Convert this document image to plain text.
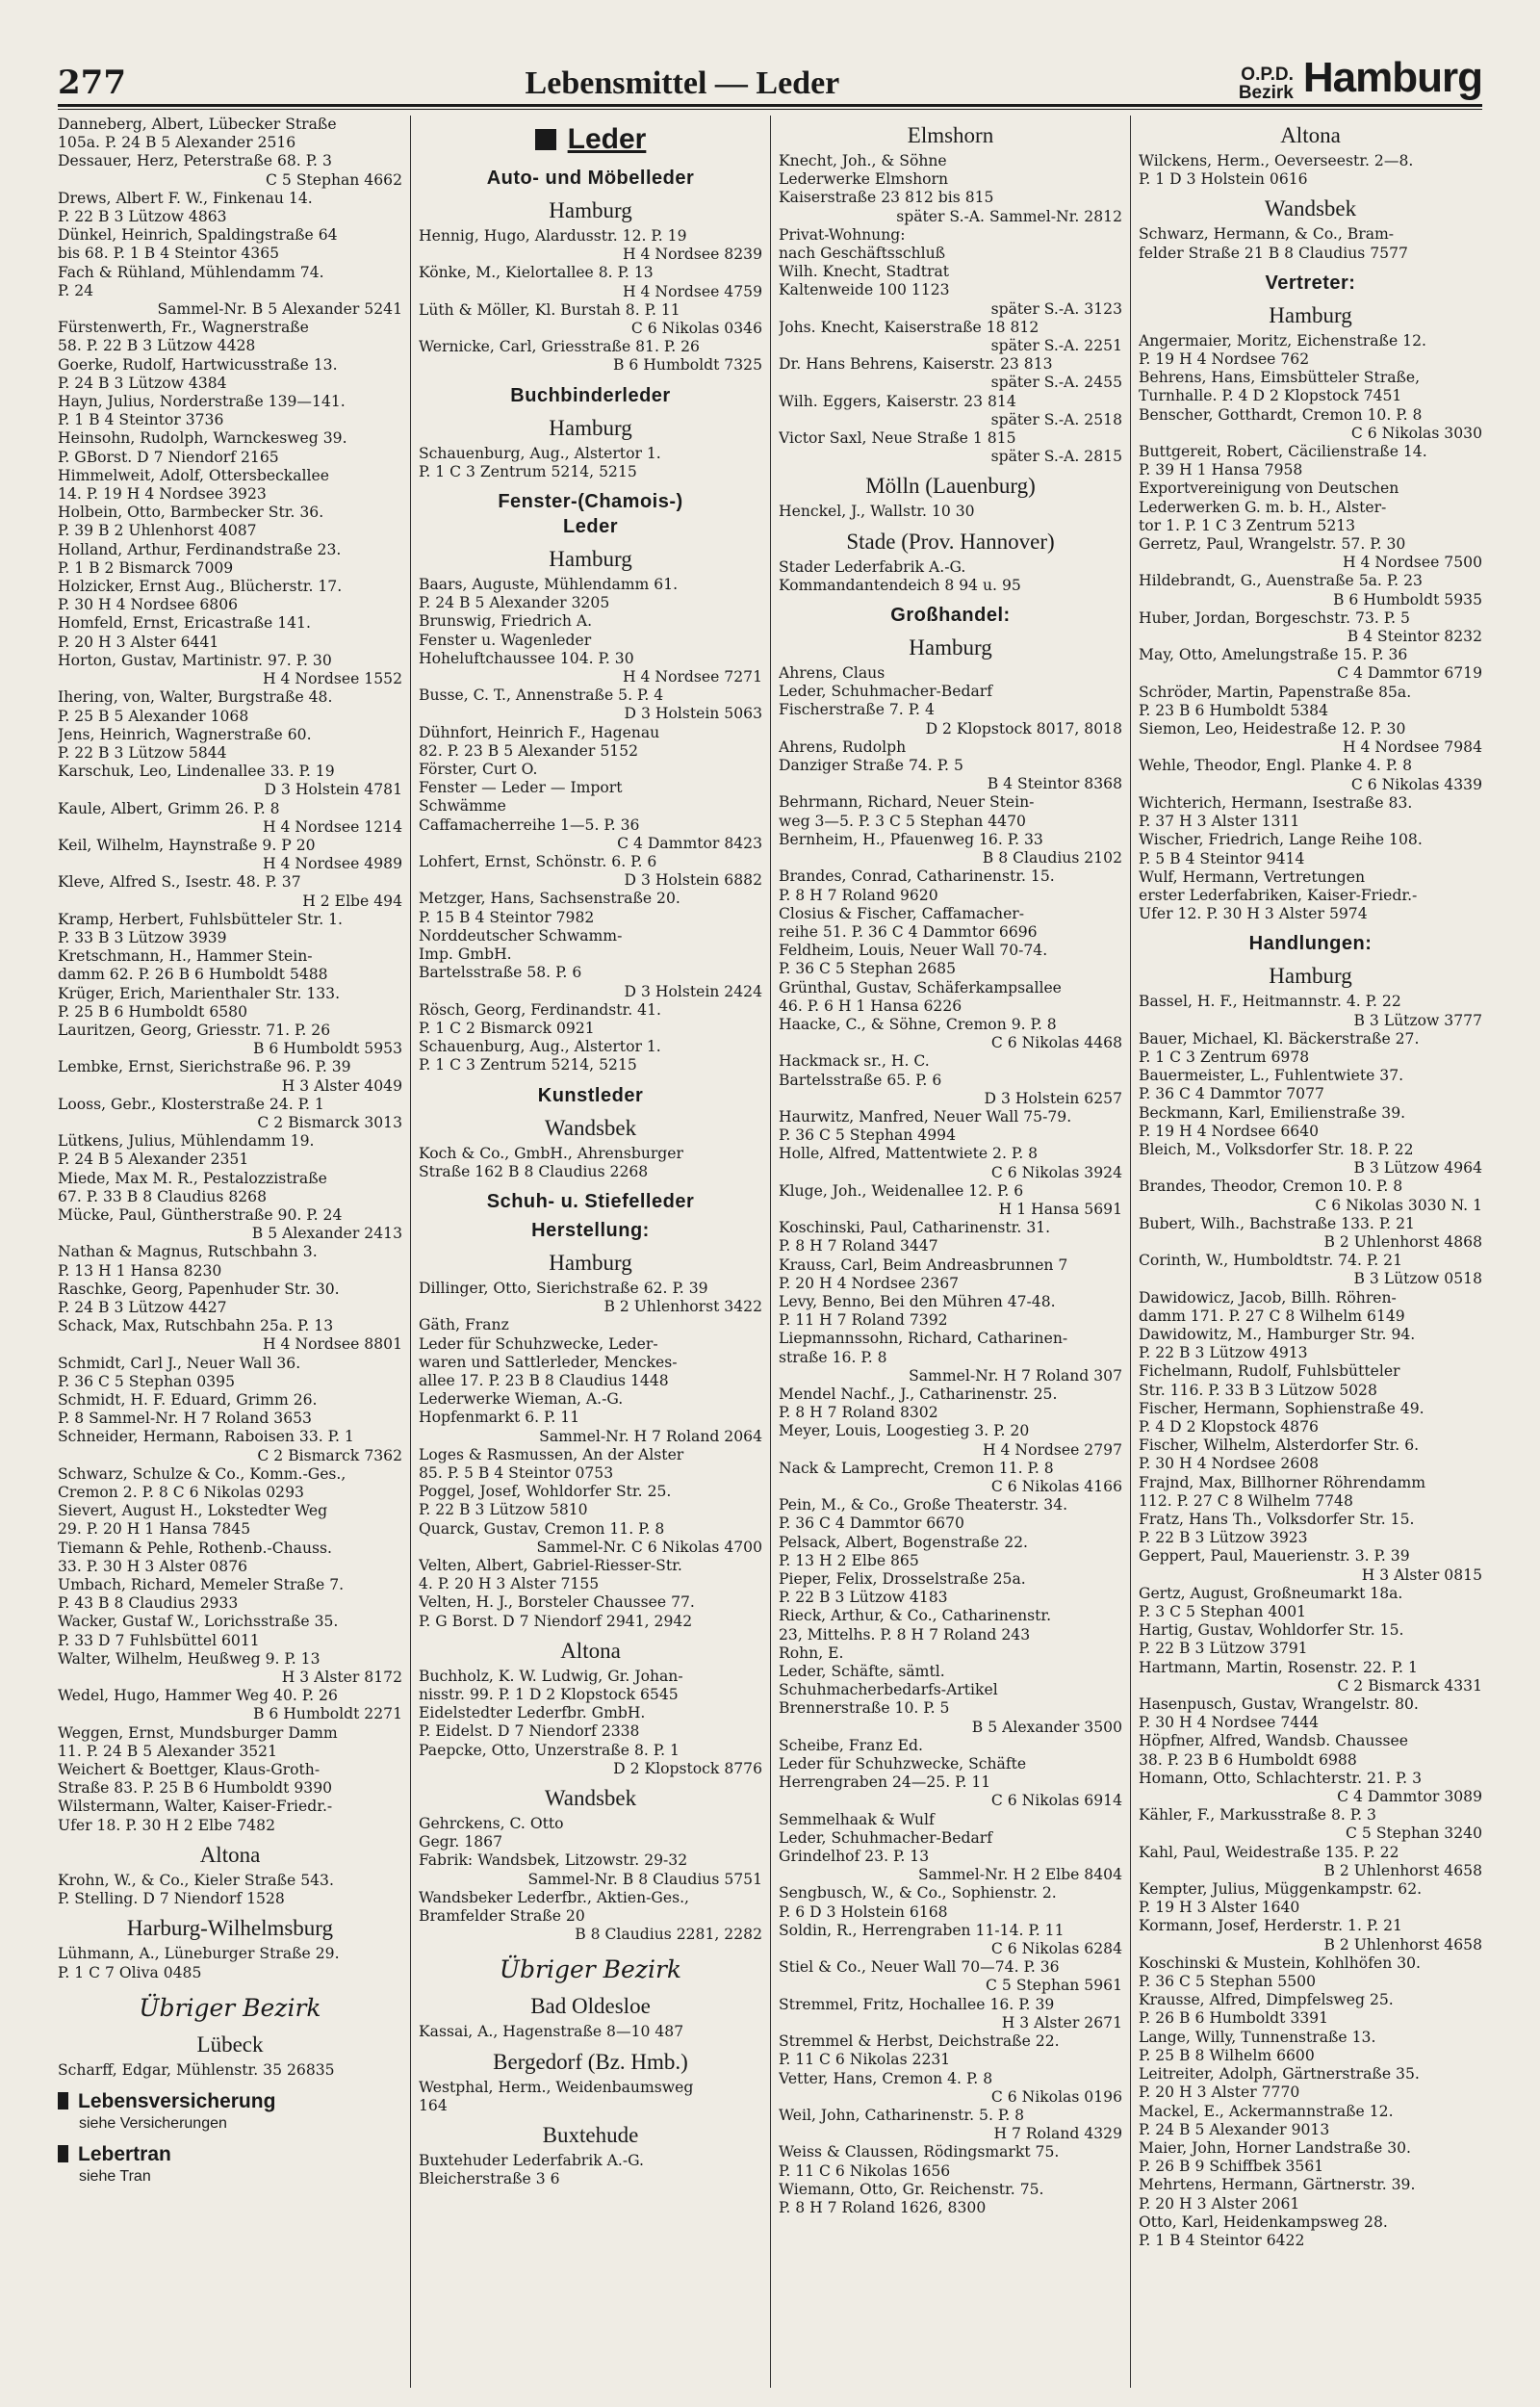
277	Lebensmittel — Leder	O.P.D.
Bezirk Hamburg

Danneberg, Albert, Lübecker Straße

105a. P. 24 B 5 Alexander 2516

Dessauer, Herz, Peterstraße 68. P. 3

C 5 Stephan 4662

Drews, Albert F. W., Finkenau 14.

P. 22 B 3 Lützow 4863

Dünkel, Heinrich, Spaldingstraße 64

bis 68. P. 1 B 4 Steintor 4365

Fach & Rühland, Mühlendamm 74.

P. 24

Sammel-Nr. B 5 Alexander 5241

Fürstenwerth, Fr., Wagnerstraße

58. P. 22 B 3 Lützow 4428

Goerke, Rudolf, Hartwicusstraße 13.

P. 24 B 3 Lützow 4384

Hayn, Julius, Norderstraße 139—141.

P. 1 B 4 Steintor 3736

Heinsohn, Rudolph, Warnckesweg 39.

P. GBorst. D 7 Niendorf 2165

Himmelweit, Adolf, Ottersbeckallee

14. P. 19 H 4 Nordsee 3923

Holbein, Otto, Barmbecker Str. 36.

P. 39 B 2 Uhlenhorst 4087

Holland, Arthur, Ferdinandstraße 23.

P. 1 B 2 Bismarck 7009

Holzicker, Ernst Aug., Blücherstr. 17.

P. 30 H 4 Nordsee 6806

Homfeld, Ernst, Ericastraße 141.

P. 20 H 3 Alster 6441

Horton, Gustav, Martinistr. 97. P. 30

H 4 Nordsee 1552

Ihering, von, Walter, Burgstraße 48.

P. 25 B 5 Alexander 1068

Jens, Heinrich, Wagnerstraße 60.

P. 22 B 3 Lützow 5844

Karschuk, Leo, Lindenallee 33. P. 19

D 3 Holstein 4781

Kaule, Albert, Grimm 26. P. 8

H 4 Nordsee 1214

Keil, Wilhelm, Haynstraße 9. P 20

H 4 Nordsee 4989

Kleve, Alfred S., Isestr. 48. P. 37

H 2 Elbe 494

Kramp, Herbert, Fuhlsbütteler Str. 1.

P. 33 B 3 Lützow 3939

Kretschmann, H., Hammer Stein-

damm 62. P. 26 B 6 Humboldt 5488

Krüger, Erich, Marienthaler Str. 133.

P. 25 B 6 Humboldt 6580

Lauritzen, Georg, Griesstr. 71. P. 26

B 6 Humboldt 5953

Lembke, Ernst, Sierichstraße 96. P. 39

H 3 Alster 4049

Looss, Gebr., Klosterstraße 24. P. 1

C 2 Bismarck 3013

Lütkens, Julius, Mühlendamm 19.

P. 24 B 5 Alexander 2351

Miede, Max M. R., Pestalozzistraße

67. P. 33 B 8 Claudius 8268

Mücke, Paul, Güntherstraße 90. P. 24

B 5 Alexander 2413

Nathan & Magnus, Rutschbahn 3.

P. 13 H 1 Hansa 8230

Raschke, Georg, Papenhuder Str. 30.

P. 24 B 3 Lützow 4427

Schack, Max, Rutschbahn 25a. P. 13

H 4 Nordsee 8801

Schmidt, Carl J., Neuer Wall 36.

P. 36 C 5 Stephan 0395

Schmidt, H. F. Eduard, Grimm 26.

P. 8 Sammel-Nr. H 7 Roland 3653

Schneider, Hermann, Raboisen 33. P. 1

C 2 Bismarck 7362

Schwarz, Schulze & Co., Komm.-Ges.,

Cremon 2. P. 8 C 6 Nikolas 0293

Sievert, August H., Lokstedter Weg

29. P. 20 H 1 Hansa 7845

Tiemann & Pehle, Rothenb.-Chauss.

33. P. 30 H 3 Alster 0876

Umbach, Richard, Memeler Straße 7.

P. 43 B 8 Claudius 2933

Wacker, Gustaf W., Lorichsstraße 35.

P. 33 D 7 Fuhlsbüttel 6011

Walter, Wilhelm, Heußweg 9. P. 13

H 3 Alster 8172

Wedel, Hugo, Hammer Weg 40. P. 26

B 6 Humboldt 2271

Weggen, Ernst, Mundsburger Damm

11. P. 24 B 5 Alexander 3521

Weichert & Boettger, Klaus-Groth-

Straße 83. P. 25 B 6 Humboldt 9390

Wilstermann, Walter, Kaiser-Friedr.-

Ufer 18. P. 30 H 2 Elbe 7482

Altona

Krohn, W., & Co., Kieler Straße 543.

P. Stelling. D 7 Niendorf 1528

Harburg-Wilhelmsburg

Lühmann, A., Lüneburger Straße 29.

P. 1 C 7 Oliva 0485

Übriger Bezirk
Lübeck

Scharff, Edgar, Mühlenstr. 35 26835

Lebensversicherung
siehe Versicherungen
Lebertran
siehe Tran
Leder
Auto- und Möbelleder
Hamburg

Hennig, Hugo, Alardusstr. 12. P. 19

H 4 Nordsee 8239

Könke, M., Kielortallee 8. P. 13

H 4 Nordsee 4759

Lüth & Möller, Kl. Burstah 8. P. 11

C 6 Nikolas 0346

Wernicke, Carl, Griesstraße 81. P. 26

B 6 Humboldt 7325

Buchbinderleder
Hamburg

Schauenburg, Aug., Alstertor 1.

P. 1 C 3 Zentrum 5214, 5215

Fenster-(Chamois-)
Leder
Hamburg

Baars, Auguste, Mühlendamm 61.

P. 24 B 5 Alexander 3205

Brunswig, Friedrich A.

Fenster u. Wagenleder

Hoheluftchaussee 104. P. 30

H 4 Nordsee 7271

Busse, C. T., Annenstraße 5. P. 4

D 3 Holstein 5063

Dühnfort, Heinrich F., Hagenau

82. P. 23 B 5 Alexander 5152

Förster, Curt O.

Fenster — Leder — Import

Schwämme

Caffamacherreihe 1—5. P. 36

C 4 Dammtor 8423

Lohfert, Ernst, Schönstr. 6. P. 6

D 3 Holstein 6882

Metzger, Hans, Sachsenstraße 20.

P. 15 B 4 Steintor 7982

Norddeutscher Schwamm-

Imp. GmbH.

Bartelsstraße 58. P. 6

D 3 Holstein 2424

Rösch, Georg, Ferdinandstr. 41.

P. 1 C 2 Bismarck 0921

Schauenburg, Aug., Alstertor 1.

P. 1 C 3 Zentrum 5214, 5215

Kunstleder
Wandsbek

Koch & Co., GmbH., Ahrensburger

Straße 162 B 8 Claudius 2268

Schuh- u. Stiefelleder
Herstellung:
Hamburg

Dillinger, Otto, Sierichstraße 62. P. 39

B 2 Uhlenhorst 3422

Gäth, Franz

Leder für Schuhzwecke, Leder-

waren und Sattlerleder, Menckes-

allee 17. P. 23 B 8 Claudius 1448

Lederwerke Wieman, A.-G.

Hopfenmarkt 6. P. 11

Sammel-Nr. H 7 Roland 2064

Loges & Rasmussen, An der Alster

85. P. 5 B 4 Steintor 0753

Poggel, Josef, Wohldorfer Str. 25.

P. 22 B 3 Lützow 5810

Quarck, Gustav, Cremon 11. P. 8

Sammel-Nr. C 6 Nikolas 4700

Velten, Albert, Gabriel-Riesser-Str.

4. P. 20 H 3 Alster 7155

Velten, H. J., Borsteler Chaussee 77.

P. G Borst. D 7 Niendorf 2941, 2942

Altona

Buchholz, K. W. Ludwig, Gr. Johan-

nisstr. 99. P. 1 D 2 Klopstock 6545

Eidelstedter Lederfbr. GmbH.

P. Eidelst. D 7 Niendorf 2338

Paepcke, Otto, Unzerstraße 8. P. 1

D 2 Klopstock 8776

Wandsbek

Gehrckens, C. Otto

Gegr. 1867

Fabrik: Wandsbek, Litzowstr. 29-32

Sammel-Nr. B 8 Claudius 5751

Wandsbeker Lederfbr., Aktien-Ges.,

Bramfelder Straße 20

B 8 Claudius 2281, 2282

Übriger Bezirk
Bad Oldesloe

Kassai, A., Hagenstraße 8—10 487

Bergedorf (Bz. Hmb.)

Westphal, Herm., Weidenbaumsweg

164

Buxtehude

Buxtehuder Lederfabrik A.-G.

Bleicherstraße 3 6

Elmshorn

Knecht, Joh., & Söhne

Lederwerke Elmshorn

Kaiserstraße 23 812 bis 815

später S.-A. Sammel-Nr. 2812

Privat-Wohnung:

nach Geschäftsschluß

Wilh. Knecht, Stadtrat

Kaltenweide 100 1123

später S.-A. 3123

Johs. Knecht, Kaiserstraße 18 812

später S.-A. 2251

Dr. Hans Behrens, Kaiserstr. 23 813

später S.-A. 2455

Wilh. Eggers, Kaiserstr. 23 814

später S.-A. 2518

Victor Saxl, Neue Straße 1 815

später S.-A. 2815

Mölln (Lauenburg)

Henckel, J., Wallstr. 10 30

Stade (Prov. Hannover)

Stader Lederfabrik A.-G.

Kommandantendeich 8 94 u. 95

Großhandel:
Hamburg

Ahrens, Claus

Leder, Schuhmacher-Bedarf

Fischerstraße 7. P. 4

D 2 Klopstock 8017, 8018

Ahrens, Rudolph

Danziger Straße 74. P. 5

B 4 Steintor 8368

Behrmann, Richard, Neuer Stein-

weg 3—5. P. 3 C 5 Stephan 4470

Bernheim, H., Pfauenweg 16. P. 33

B 8 Claudius 2102

Brandes, Conrad, Catharinenstr. 15.

P. 8 H 7 Roland 9620

Closius & Fischer, Caffamacher-

reihe 51. P. 36 C 4 Dammtor 6696

Feldheim, Louis, Neuer Wall 70-74.

P. 36 C 5 Stephan 2685

Grünthal, Gustav, Schäferkampsallee

46. P. 6 H 1 Hansa 6226

Haacke, C., & Söhne, Cremon 9. P. 8

C 6 Nikolas 4468

Hackmack sr., H. C.

Bartelsstraße 65. P. 6

D 3 Holstein 6257

Haurwitz, Manfred, Neuer Wall 75-79.

P. 36 C 5 Stephan 4994

Holle, Alfred, Mattentwiete 2. P. 8

C 6 Nikolas 3924

Kluge, Joh., Weidenallee 12. P. 6

H 1 Hansa 5691

Koschinski, Paul, Catharinenstr. 31.

P. 8 H 7 Roland 3447

Krauss, Carl, Beim Andreasbrunnen 7

P. 20 H 4 Nordsee 2367

Levy, Benno, Bei den Mühren 47-48.

P. 11 H 7 Roland 7392

Liepmannssohn, Richard, Catharinen-

straße 16. P. 8

Sammel-Nr. H 7 Roland 307

Mendel Nachf., J., Catharinenstr. 25.

P. 8 H 7 Roland 8302

Meyer, Louis, Loogestieg 3. P. 20

H 4 Nordsee 2797

Nack & Lamprecht, Cremon 11. P. 8

C 6 Nikolas 4166

Pein, M., & Co., Große Theaterstr. 34.

P. 36 C 4 Dammtor 6670

Pelsack, Albert, Bogenstraße 22.

P. 13 H 2 Elbe 865

Pieper, Felix, Drosselstraße 25a.

P. 22 B 3 Lützow 4183

Rieck, Arthur, & Co., Catharinenstr.

23, Mittelhs. P. 8 H 7 Roland 243

Rohn, E.

Leder, Schäfte, sämtl.

Schuhmacherbedarfs-Artikel

Brennerstraße 10. P. 5

B 5 Alexander 3500

Scheibe, Franz Ed.

Leder für Schuhzwecke, Schäfte

Herrengraben 24—25. P. 11

C 6 Nikolas 6914

Semmelhaak & Wulf

Leder, Schuhmacher-Bedarf

Grindelhof 23. P. 13

Sammel-Nr. H 2 Elbe 8404

Sengbusch, W., & Co., Sophienstr. 2.

P. 6 D 3 Holstein 6168

Soldin, R., Herrengraben 11-14. P. 11

C 6 Nikolas 6284

Stiel & Co., Neuer Wall 70—74. P. 36

C 5 Stephan 5961

Stremmel, Fritz, Hochallee 16. P. 39

H 3 Alster 2671

Stremmel & Herbst, Deichstraße 22.

P. 11 C 6 Nikolas 2231

Vetter, Hans, Cremon 4. P. 8

C 6 Nikolas 0196

Weil, John, Catharinenstr. 5. P. 8

H 7 Roland 4329

Weiss & Claussen, Rödingsmarkt 75.

P. 11 C 6 Nikolas 1656

Wiemann, Otto, Gr. Reichenstr. 75.

P. 8 H 7 Roland 1626, 8300

Altona

Wilckens, Herm., Oeverseestr. 2—8.

P. 1 D 3 Holstein 0616

Wandsbek

Schwarz, Hermann, & Co., Bram-

felder Straße 21 B 8 Claudius 7577

Vertreter:
Hamburg

Angermaier, Moritz, Eichenstraße 12.

P. 19 H 4 Nordsee 762

Behrens, Hans, Eimsbütteler Straße,

Turnhalle. P. 4 D 2 Klopstock 7451

Benscher, Gotthardt, Cremon 10. P. 8

C 6 Nikolas 3030

Buttgereit, Robert, Cäcilienstraße 14.

P. 39 H 1 Hansa 7958

Exportvereinigung von Deutschen

Lederwerken G. m. b. H., Alster-

tor 1. P. 1 C 3 Zentrum 5213

Gerretz, Paul, Wrangelstr. 57. P. 30

H 4 Nordsee 7500

Hildebrandt, G., Auenstraße 5a. P. 23

B 6 Humboldt 5935

Huber, Jordan, Borgeschstr. 73. P. 5

B 4 Steintor 8232

May, Otto, Amelungstraße 15. P. 36

C 4 Dammtor 6719

Schröder, Martin, Papenstraße 85a.

P. 23 B 6 Humboldt 5384

Siemon, Leo, Heidestraße 12. P. 30

H 4 Nordsee 7984

Wehle, Theodor, Engl. Planke 4. P. 8

C 6 Nikolas 4339

Wichterich, Hermann, Isestraße 83.

P. 37 H 3 Alster 1311

Wischer, Friedrich, Lange Reihe 108.

P. 5 B 4 Steintor 9414

Wulf, Hermann, Vertretungen

erster Lederfabriken, Kaiser-Friedr.-

Ufer 12. P. 30 H 3 Alster 5974

Handlungen:
Hamburg

Bassel, H. F., Heitmannstr. 4. P. 22

B 3 Lützow 3777

Bauer, Michael, Kl. Bäckerstraße 27.

P. 1 C 3 Zentrum 6978

Bauermeister, L., Fuhlentwiete 37.

P. 36 C 4 Dammtor 7077

Beckmann, Karl, Emilienstraße 39.

P. 19 H 4 Nordsee 6640

Bleich, M., Volksdorfer Str. 18. P. 22

B 3 Lützow 4964

Brandes, Theodor, Cremon 10. P. 8

C 6 Nikolas 3030 N. 1

Bubert, Wilh., Bachstraße 133. P. 21

B 2 Uhlenhorst 4868

Corinth, W., Humboldtstr. 74. P. 21

B 3 Lützow 0518

Dawidowicz, Jacob, Billh. Röhren-

damm 171. P. 27 C 8 Wilhelm 6149

Dawidowitz, M., Hamburger Str. 94.

P. 22 B 3 Lützow 4913

Fichelmann, Rudolf, Fuhlsbütteler

Str. 116. P. 33 B 3 Lützow 5028

Fischer, Hermann, Sophienstraße 49.

P. 4 D 2 Klopstock 4876

Fischer, Wilhelm, Alsterdorfer Str. 6.

P. 30 H 4 Nordsee 2608

Frajnd, Max, Billhorner Röhrendamm

112. P. 27 C 8 Wilhelm 7748

Fratz, Hans Th., Volksdorfer Str. 15.

P. 22 B 3 Lützow 3923

Geppert, Paul, Mauerienstr. 3. P. 39

H 3 Alster 0815

Gertz, August, Großneumarkt 18a.

P. 3 C 5 Stephan 4001

Hartig, Gustav, Wohldorfer Str. 15.

P. 22 B 3 Lützow 3791

Hartmann, Martin, Rosenstr. 22. P. 1

C 2 Bismarck 4331

Hasenpusch, Gustav, Wrangelstr. 80.

P. 30 H 4 Nordsee 7444

Höpfner, Alfred, Wandsb. Chaussee

38. P. 23 B 6 Humboldt 6988

Homann, Otto, Schlachterstr. 21. P. 3

C 4 Dammtor 3089

Kähler, F., Markusstraße 8. P. 3

C 5 Stephan 3240

Kahl, Paul, Weidestraße 135. P. 22

B 2 Uhlenhorst 4658

Kempter, Julius, Müggenkampstr. 62.

P. 19 H 3 Alster 1640

Kormann, Josef, Herderstr. 1. P. 21

B 2 Uhlenhorst 4658

Koschinski & Mustein, Kohlhöfen 30.

P. 36 C 5 Stephan 5500

Krausse, Alfred, Dimpfelsweg 25.

P. 26 B 6 Humboldt 3391

Lange, Willy, Tunnenstraße 13.

P. 25 B 8 Wilhelm 6600

Leitreiter, Adolph, Gärtnerstraße 35.

P. 20 H 3 Alster 7770

Mackel, E., Ackermannstraße 12.

P. 24 B 5 Alexander 9013

Maier, John, Horner Landstraße 30.

P. 26 B 9 Schiffbek 3561

Mehrtens, Hermann, Gärtnerstr. 39.

P. 20 H 3 Alster 2061

Otto, Karl, Heidenkampsweg 28.

P. 1 B 4 Steintor 6422
